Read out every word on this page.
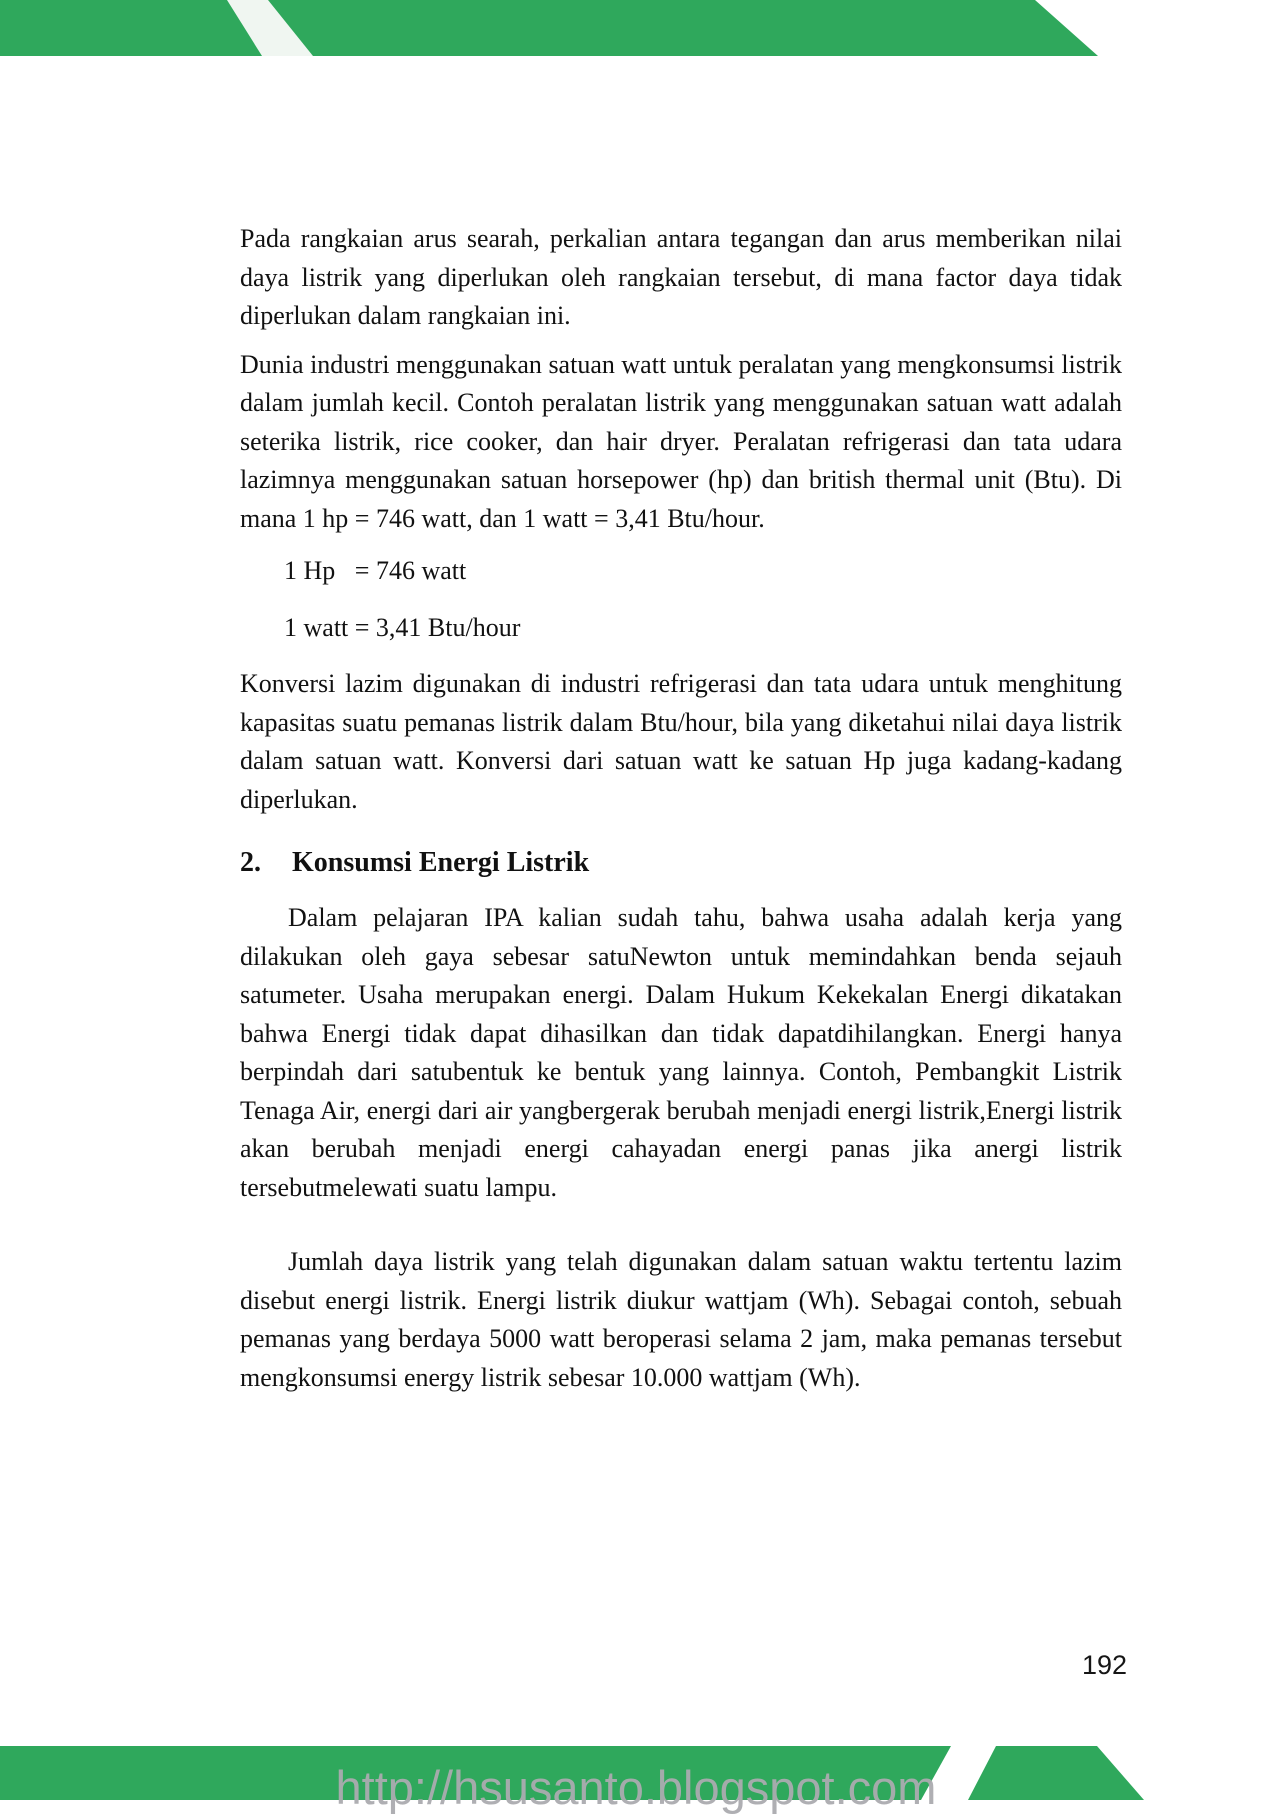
Pada rangkaian arus searah, perkalian antara tegangan dan arus memberikan nilai daya listrik yang diperlukan oleh rangkaian tersebut, di mana factor daya tidak diperlukan dalam rangkaian ini.

Dunia industri menggunakan satuan watt untuk peralatan yang mengkonsumsi listrik dalam jumlah kecil. Contoh peralatan listrik yang menggunakan satuan watt adalah seterika listrik, rice cooker, dan hair dryer. Peralatan refrigerasi dan tata udara lazimnya menggunakan satuan horsepower (hp) dan british thermal unit (Btu). Di mana 1 hp = 746 watt, dan 1 watt = 3,41 Btu/hour.

1 Hp   = 746 watt
1 watt = 3,41 Btu/hour

Konversi lazim digunakan di industri refrigerasi dan tata udara untuk menghitung kapasitas suatu pemanas listrik dalam Btu/hour, bila yang diketahui nilai daya listrik dalam satuan watt. Konversi dari satuan watt ke satuan Hp juga kadang-kadang diperlukan.

2.	Konsumsi Energi Listrik

Dalam pelajaran IPA kalian sudah tahu, bahwa usaha adalah kerja yang dilakukan oleh gaya sebesar satuNewton untuk memindahkan benda sejauh satumeter. Usaha merupakan energi. Dalam Hukum Kekekalan Energi dikatakan bahwa Energi tidak dapat dihasilkan dan tidak dapatdihilangkan. Energi hanya berpindah dari satubentuk ke bentuk yang lainnya. Contoh, Pembangkit Listrik Tenaga Air, energi dari air yangbergerak berubah menjadi energi listrik,Energi listrik akan berubah menjadi energi cahayadan energi panas jika anergi listrik tersebutmelewati suatu lampu.

Jumlah daya listrik yang telah digunakan dalam satuan waktu tertentu lazim disebut energi listrik. Energi listrik diukur wattjam (Wh). Sebagai contoh, sebuah pemanas yang berdaya 5000 watt beroperasi selama 2 jam, maka pemanas tersebut mengkonsumsi energy listrik sebesar 10.000 wattjam (Wh).

192
http://hsusanto.blogspot.com
